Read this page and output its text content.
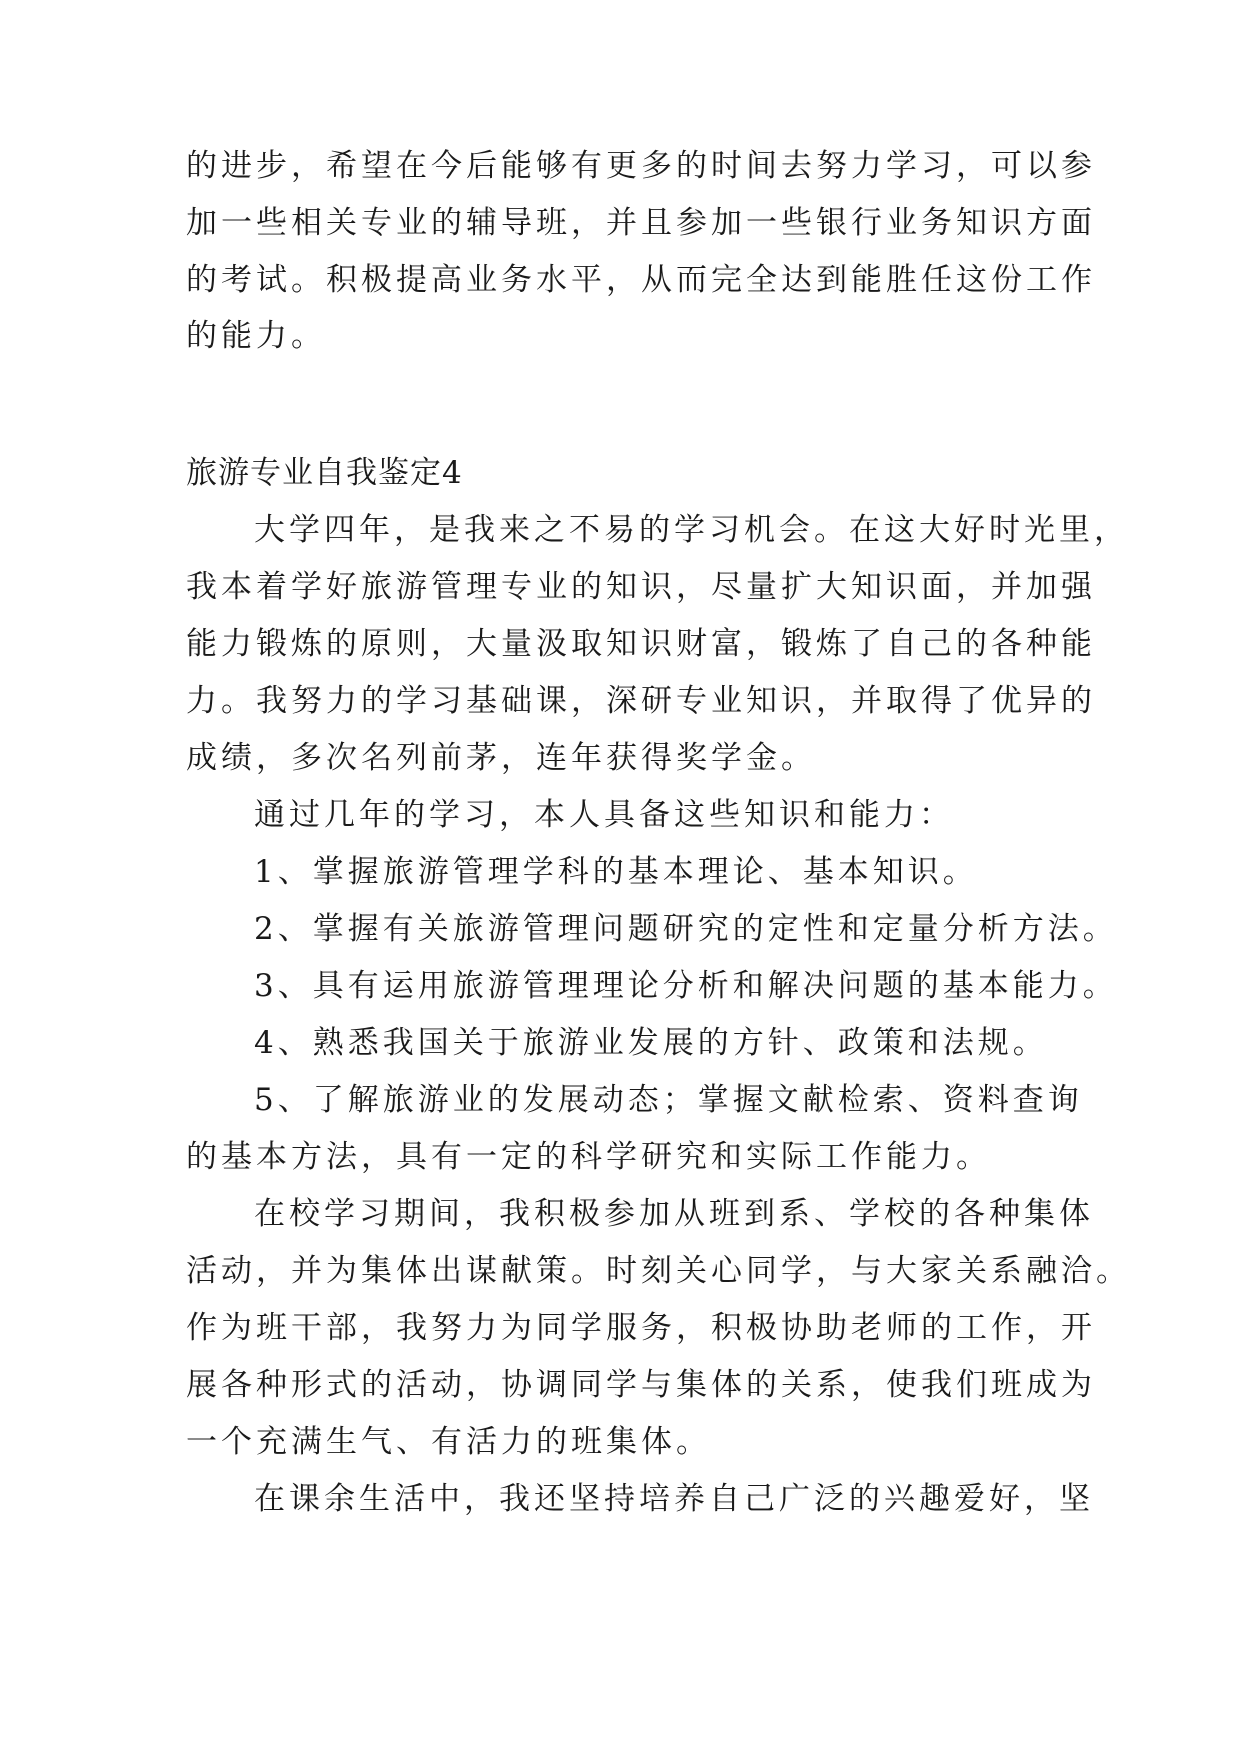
的进步，希望在今后能够有更多的时间去努力学习，可以参
加一些相关专业的辅导班，并且参加一些银行业务知识方面
的考试。积极提高业务水平，从而完全达到能胜任这份工作
的能力。
旅游专业自我鉴定4
大学四年，是我来之不易的学习机会。在这大好时光里，
我本着学好旅游管理专业的知识，尽量扩大知识面，并加强
能力锻炼的原则，大量汲取知识财富，锻炼了自己的各种能
力。我努力的学习基础课，深研专业知识，并取得了优异的
成绩，多次名列前茅，连年获得奖学金。
通过几年的学习，本人具备这些知识和能力：
1、掌握旅游管理学科的基本理论、基本知识。
2、掌握有关旅游管理问题研究的定性和定量分析方法。
3、具有运用旅游管理理论分析和解决问题的基本能力。
4、熟悉我国关于旅游业发展的方针、政策和法规。
5、了解旅游业的发展动态；掌握文献检索、资料查询
的基本方法，具有一定的科学研究和实际工作能力。
在校学习期间，我积极参加从班到系、学校的各种集体
活动，并为集体出谋献策。时刻关心同学，与大家关系融洽。
作为班干部，我努力为同学服务，积极协助老师的工作，开
展各种形式的活动，协调同学与集体的关系，使我们班成为
一个充满生气、有活力的班集体。
在课余生活中，我还坚持培养自己广泛的兴趣爱好，坚
